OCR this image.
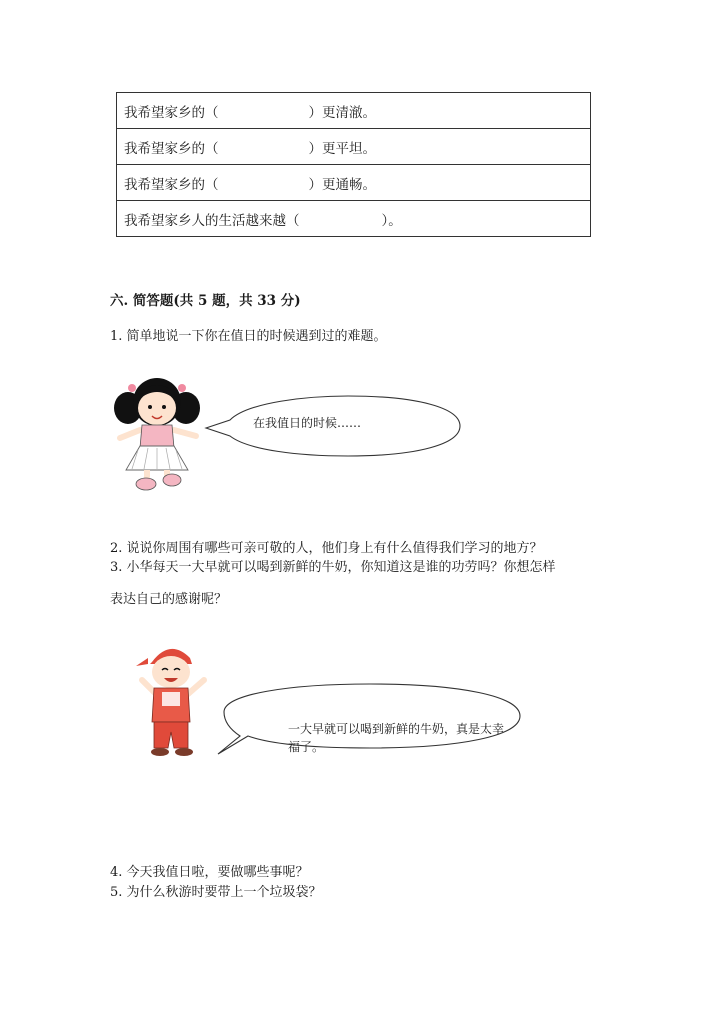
我希望家乡的（	）更清澈。

我希望家乡的（	）更平坦。

我希望家乡的（	）更通畅。

我希望家乡人的生活越来越（	）。
六. 简答题(共 5 题，共 33 分)
1. 简单地说一下你在值日的时候遇到过的难题。
在我值日的时候……
2. 说说你周围有哪些可亲可敬的人，他们身上有什么值得我们学习的地方？
3. 小华每天一大早就可以喝到新鲜的牛奶，你知道这是谁的功劳吗？你想怎样
表达自己的感谢呢？
一大早就可以喝到新鲜的牛奶，真是太幸
福了。
4. 今天我值日啦，要做哪些事呢？
5. 为什么秋游时要带上一个垃圾袋？
